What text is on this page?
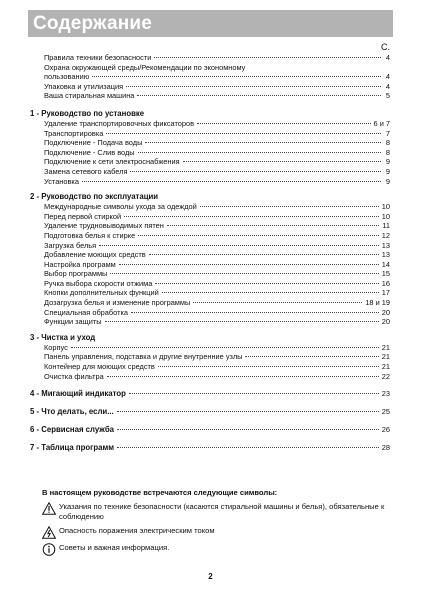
Содержание
С.
Правила техники безопасности	4
Охрана окружающей среды/Рекомендации по экономному
пользованию	4
Упаковка и утилизация	4
Ваша стиральная машина	5
1 - Руководство по установке
Удаление транспортировочных фиксаторов	6 и 7
Транспортировка	7
Подключение - Подача воды	8
Подключение - Слив воды	8
Подключение к сети электроснабжения	9
Замена сетевого кабеля	9
Установка	9
2 - Руководство по эксплуатации
Международные символы ухода за одеждой	10
Перед первой стиркой	10
Удаление трудновыводимых пятен	11
Подготовка белья к стирке	12
Загрузка белья	13
Добавление моющих средств	13
Настройка программ	14
Выбор программы	15
Ручка выбора скорости отжима	16
Кнопки дополнительных функций	17
Дозагрузка белья и изменение программы	18 и 19
Специальная обработка	20
Функции защиты	20
3 - Чистка и уход
Корпус	21
Панель управления, подставка и другие внутренние узлы	21
Контейнер для моющих средств	21
Очистка фильтра	22
4 - Мигающий индикатор	23
5 - Что делать, если...	25
6 - Сервисная служба	26
7 - Таблица программ	28
В настоящем руководстве встречаются следующие символы:
Указания по технике безопасности (касаются стиральной машины и белья), обязательные к соблюдению
Опасность поражения электрическим током
Советы и важная информация.
2
